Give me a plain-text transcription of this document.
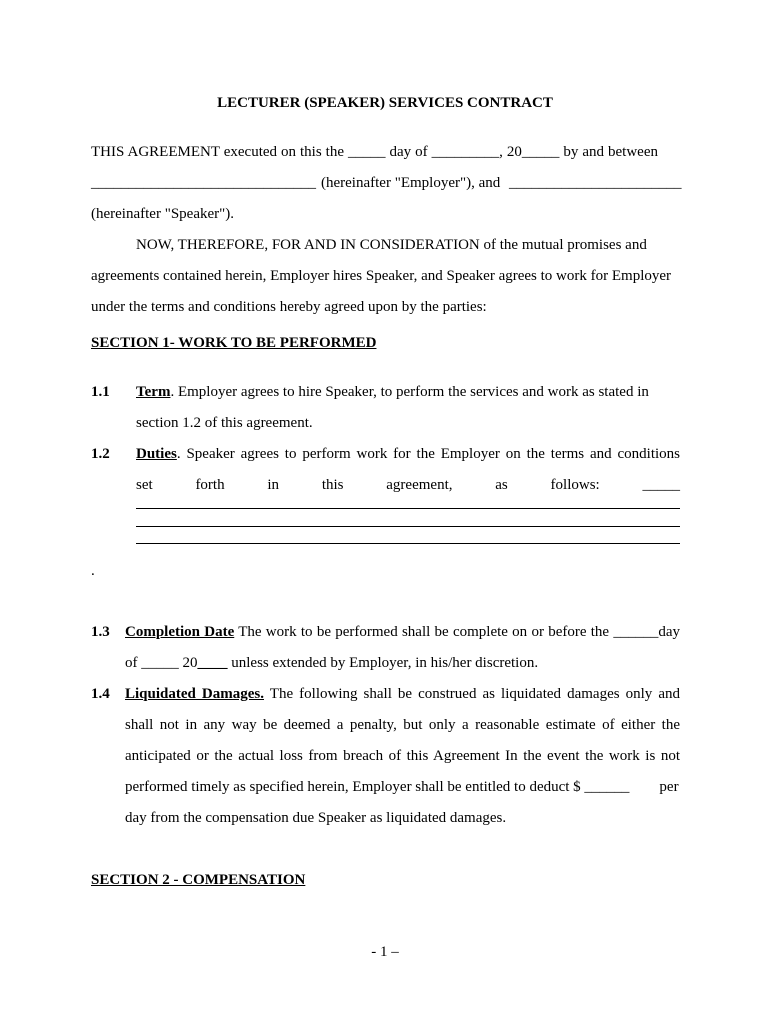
LECTURER (SPEAKER) SERVICES CONTRACT
THIS AGREEMENT executed on this the _____ day of _________, 20_____ by and between
______________________________ (hereinafter "Employer"), and _______________________
(hereinafter "Speaker").
NOW, THEREFORE, FOR AND IN CONSIDERATION of the mutual promises and
agreements contained herein, Employer hires Speaker, and Speaker agrees to work for Employer
under the terms and conditions hereby agreed upon by the parties:
SECTION 1- WORK TO BE PERFORMED
1.1 Term. Employer agrees to hire Speaker, to perform the services and work as stated in
section 1.2 of this agreement.
1.2 Duties. Speaker agrees to perform work for the Employer on the terms and conditions
set forth in this agreement, as follows: _____
.
1.3 Completion Date The work to be performed shall be complete on or before the ______day
of _____ 20____ unless extended by Employer, in his/her discretion.
1.4 Liquidated Damages. The following shall be construed as liquidated damages only and
shall not in any way be deemed a penalty, but only a reasonable estimate of either the
anticipated or the actual loss from breach of this Agreement In the event the work is not
performed timely as specified herein, Employer shall be entitled to deduct $ ______        per
day from the compensation due Speaker as liquidated damages.
SECTION 2 - COMPENSATION
- 1 –
